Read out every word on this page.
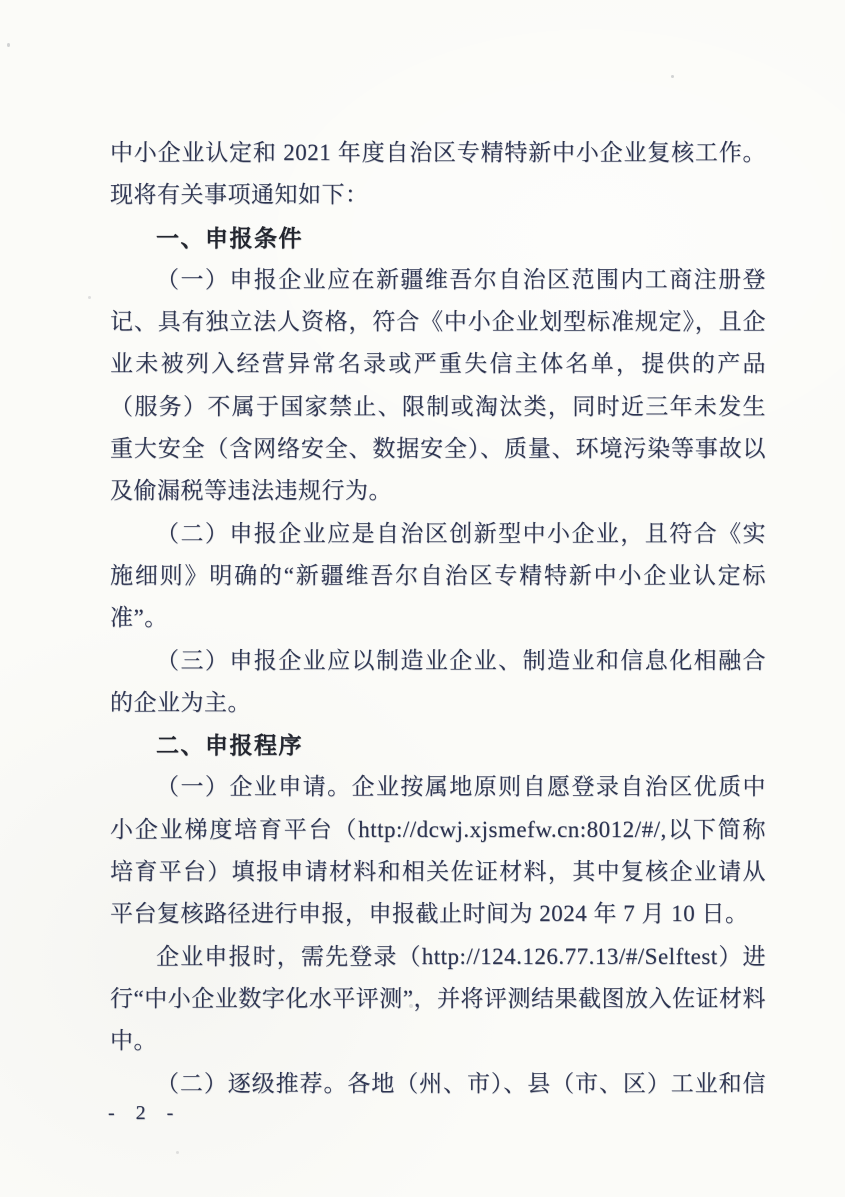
中小企业认定和 2021 年度自治区专精特新中小企业复核工作。现将有关事项通知如下：

一、申报条件

（一）申报企业应在新疆维吾尔自治区范围内工商注册登记、具有独立法人资格，符合《中小企业划型标准规定》，且企业未被列入经营异常名录或严重失信主体名单，提供的产品（服务）不属于国家禁止、限制或淘汰类，同时近三年未发生重大安全（含网络安全、数据安全）、质量、环境污染等事故以及偷漏税等违法违规行为。

（二）申报企业应是自治区创新型中小企业，且符合《实施细则》明确的“新疆维吾尔自治区专精特新中小企业认定标准”。

（三）申报企业应以制造业企业、制造业和信息化相融合的企业为主。

二、申报程序

（一）企业申请。企业按属地原则自愿登录自治区优质中小企业梯度培育平台（http://dcwj.xjsmefw.cn:8012/#/,以下简称培育平台）填报申请材料和相关佐证材料，其中复核企业请从平台复核路径进行申报，申报截止时间为 2024 年 7 月 10 日。

企业申报时，需先登录（http://124.126.77.13/#/Selftest）进行“中小企业数字化水平评测”，并将评测结果截图放入佐证材料中。

（二）逐级推荐。各地（州、市）、县（市、区）工业和信

- 2 -
